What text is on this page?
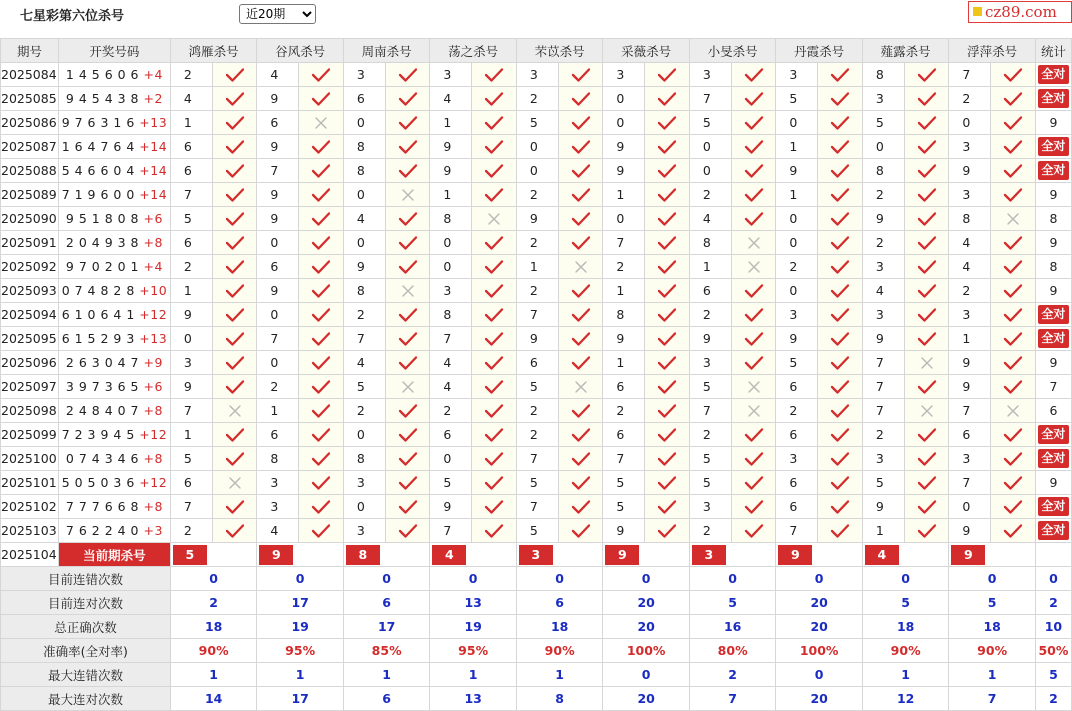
七星彩第六位杀号
近20期	cz89.com
期号	开奖号码	鸿雁杀号		谷风杀号		周南杀号		荡之杀号		芣苡杀号		采薇杀号		小旻杀号		丹霞杀号		薤露杀号		浮萍杀号		统计
2025084	1 4 5 6 0 6 +4	2		4		3		3		3		3		3		3		8		7		全对
2025085	9 4 5 4 3 8 +2	4		9		6		4		2		0		7		5		3		2		全对
2025086	9 7 6 3 1 6 +13	1		6		0		1		5		0		5		0		5		0		9
2025087	1 6 4 7 6 4 +14	6		9		8		9		0		9		0		1		0		3		全对
2025088	5 4 6 6 0 4 +14	6		7		8		9		0		9		0		9		8		9		全对
2025089	7 1 9 6 0 0 +14	7		9		0		1		2		1		2		1		2		3		9
2025090	9 5 1 8 0 8 +6	5		9		4		8		9		0		4		0		9		8		8
2025091	2 0 4 9 3 8 +8	6		0		0		0		2		7		8		0		2		4		9
2025092	9 7 0 2 0 1 +4	2		6		9		0		1		2		1		2		3		4		8
2025093	0 7 4 8 2 8 +10	1		9		8		3		2		1		6		0		4		2		9
2025094	6 1 0 6 4 1 +12	9		0		2		8		7		8		2		3		3		3		全对
2025095	6 1 5 2 9 3 +13	0		7		7		7		9		9		9		9		9		1		全对
2025096	2 6 3 0 4 7 +9	3		0		4		4		6		1		3		5		7		9		9
2025097	3 9 7 3 6 5 +6	9		2		5		4		5		6		5		6		7		9		7
2025098	2 4 8 4 0 7 +8	7		1		2		2		2		2		7		2		7		7		6
2025099	7 2 3 9 4 5 +12	1		6		0		6		2		6		2		6		2		6		全对
2025100	0 7 4 3 4 6 +8	5		8		8		0		7		7		5		3		3		3		全对
2025101	5 0 5 0 3 6 +12	6		3		3		5		5		5		5		6		5		7		9
2025102	7 7 7 6 6 8 +8	7		3		0		9		7		5		3		6		9		0		全对
2025103	7 6 2 2 4 0 +3	2		4		3		7		5		9		2		7		1		9		全对
2025104	当前期杀号	5		9		8		4		3		9		3		9		4		9		
目前连错次数		0		0		0		0		0		0		0		0		0		0		0
目前连对次数		2		17		6		13		6		20		5		20		5		5		2
总正确次数		18		19		17		19		18		20		16		20		18		18		10
准确率(全对率)		90%		95%		85%		95%		90%		100%		80%		100%		90%		90%		50%
最大连错次数		1		1		1		1		1		0		2		0		1		1		5
最大连对次数		14		17		6		13		8		20		7		20		12		7		2
